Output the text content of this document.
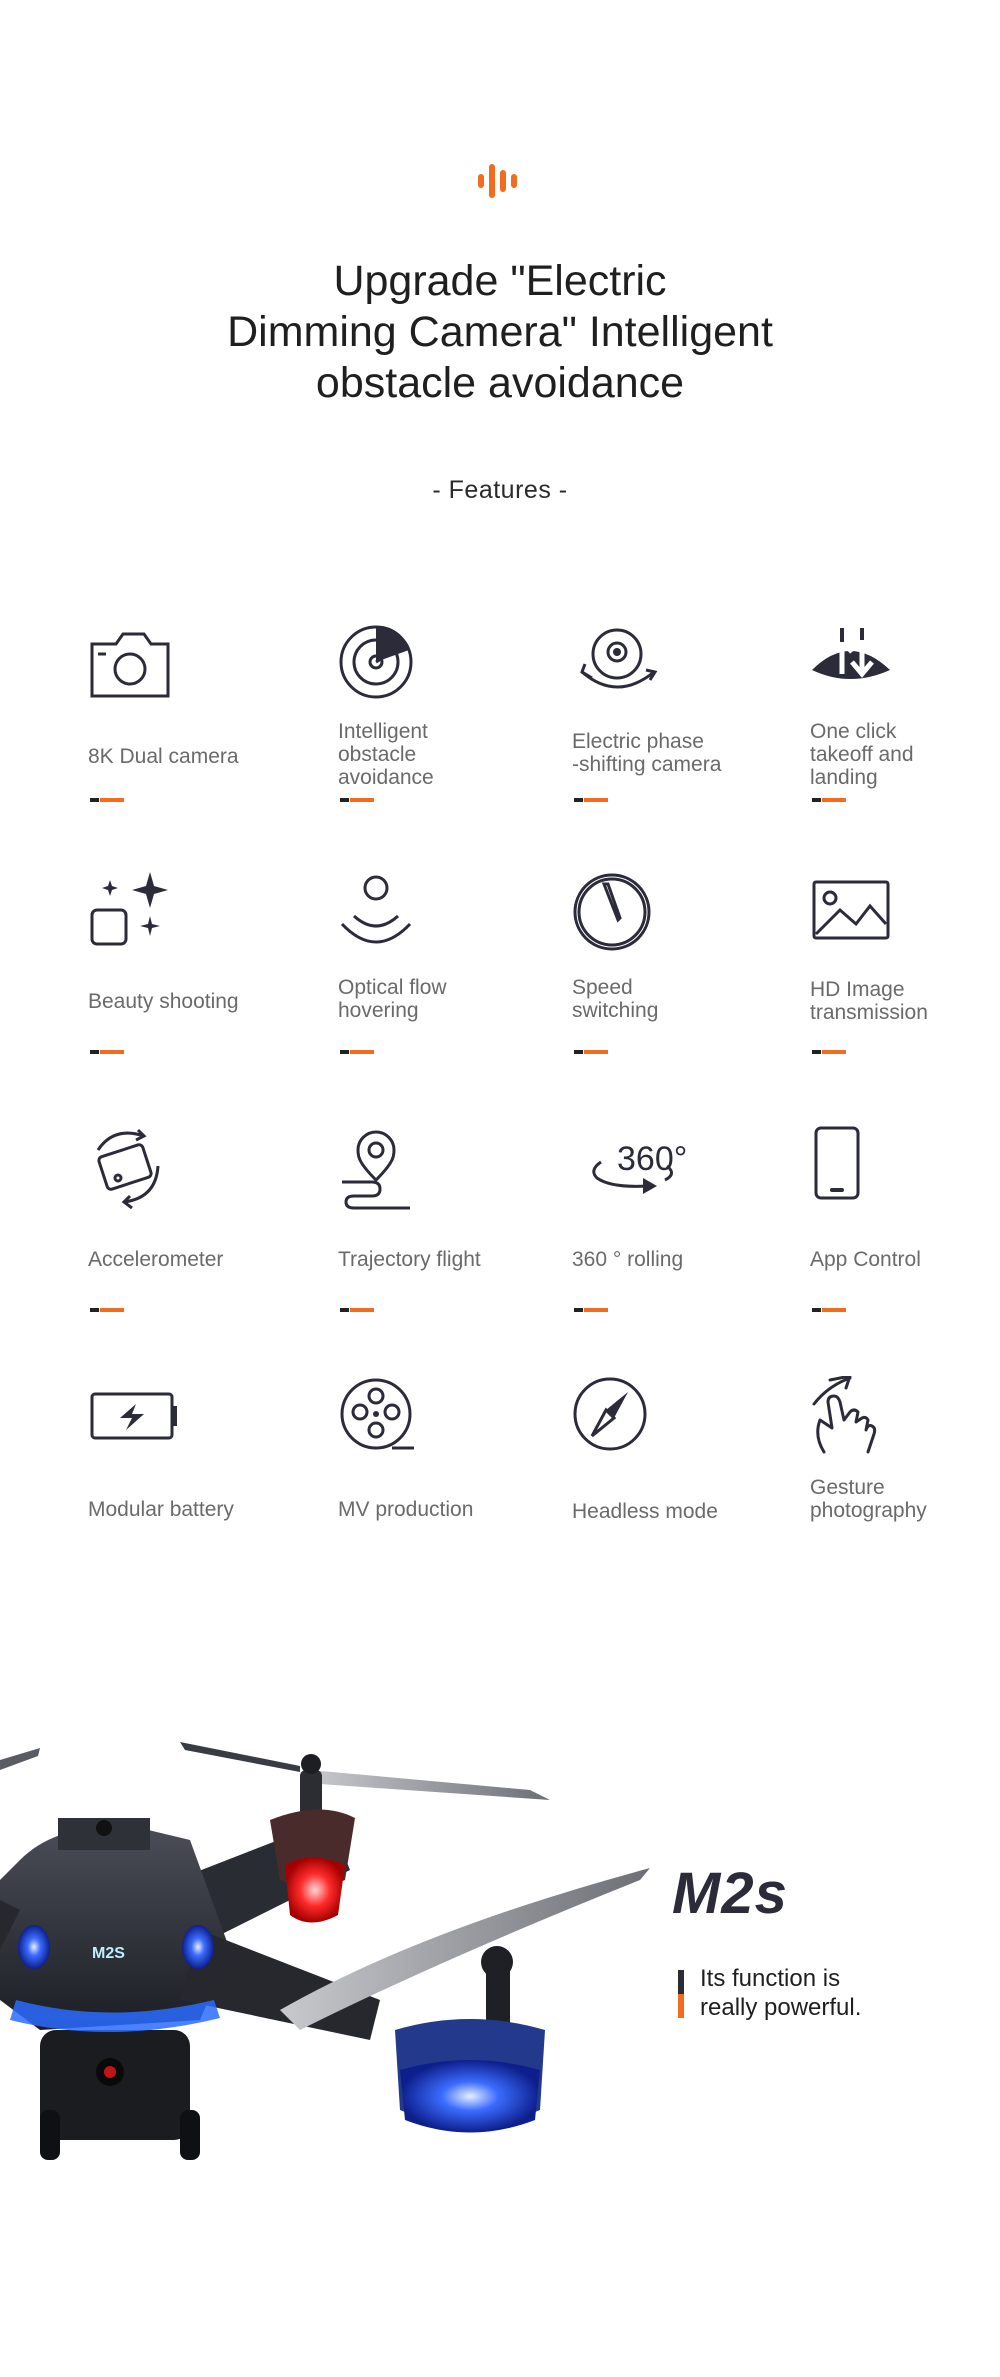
Upgrade "Electric
Dimming Camera" Intelligent
obstacle avoidance
- Features -
8K Dual camera
Intelligent
obstacle
avoidance
Electric phase
-shifting camera
One click
takeoff and
landing
Beauty shooting
Optical flow
hovering
Speed
switching
HD Image
transmission
Accelerometer	Trajectory flight
360°
360 ° rolling	App Control
Modular battery	MV production	Headless mode
Gesture
photography
M2S
M2s
Its function is
really powerful.
